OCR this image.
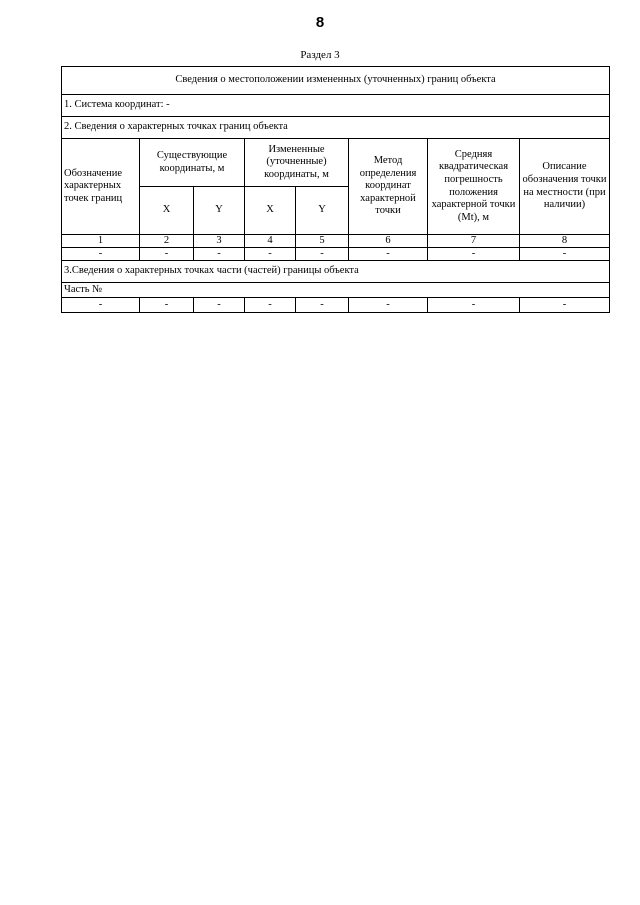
8
Раздел 3
Сведения о местоположении измененных (уточненных) границ объекта							
1. Система координат: -							
2. Сведения о характерных точках границ объекта							
Обозначение характерных точек границ	Существующие координаты, м		Измененные (уточненные) координаты, м		Метод определения координат характерной точки	Средняя квадратическая погрешность положения характерной точки (Mt), м	Описание обозначения точки на местности (при наличии)
	X	Y	X	Y			
1	2	3	4	5	6	7	8
-	-	-	-	-	-	-	-
3.Сведения о характерных точках части (частей) границы объекта							
Часть №							
-	-	-	-	-	-	-	-
